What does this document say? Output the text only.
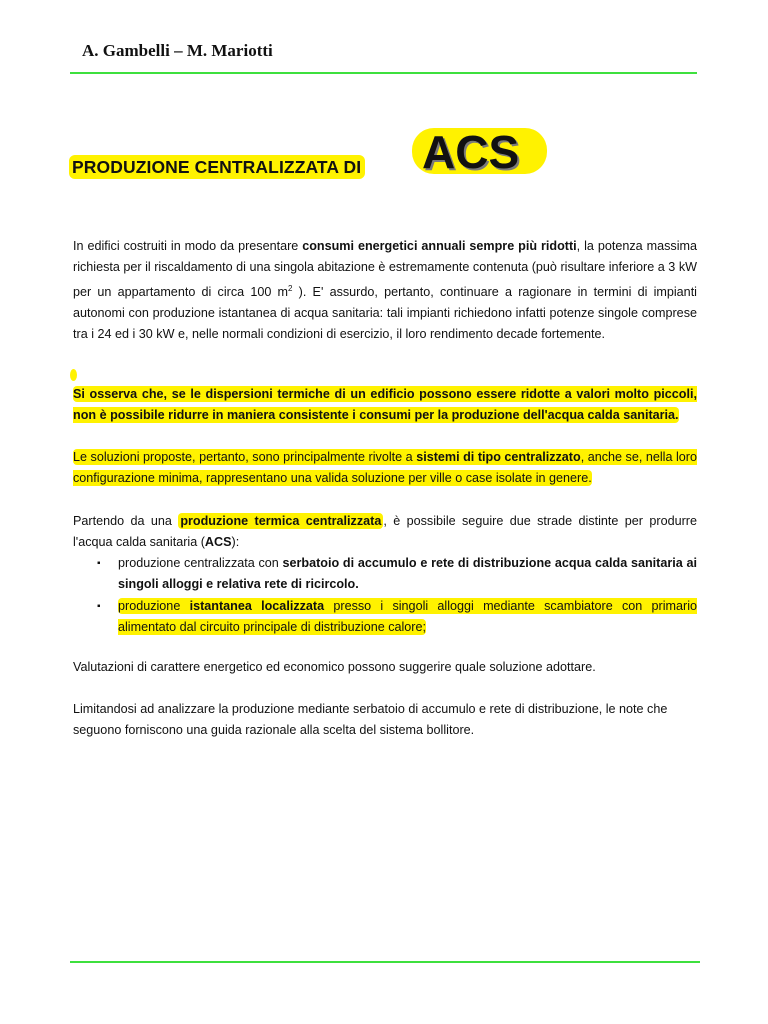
A. Gambelli – M. Mariotti
PRODUZIONE CENTRALIZZATA DI ACS
In edifici costruiti in modo da presentare consumi energetici annuali sempre più ridotti, la potenza massima richiesta per il riscaldamento di una singola abitazione è estremamente contenuta (può risultare inferiore a 3 kW per un appartamento di circa 100 $m^2$ ). E' assurdo, pertanto, continuare a ragionare in termini di impianti autonomi con produzione istantanea di acqua sanitaria: tali impianti richiedono infatti potenze singole comprese tra i 24 ed i 30 kW e, nelle normali condizioni di esercizio, il loro rendimento decade fortemente.
Si osserva che, se le dispersioni termiche di un edificio possono essere ridotte a valori molto piccoli, non è possibile ridurre in maniera consistente i consumi per la produzione dell'acqua calda sanitaria.
Le soluzioni proposte, pertanto, sono principalmente rivolte a sistemi di tipo centralizzato, anche se, nella loro configurazione minima, rappresentano una valida soluzione per ville o case isolate in genere.
Partendo da una produzione termica centralizzata , è possibile seguire due strade distinte per produrre l'acqua calda sanitaria (ACS):
▪ produzione centralizzata con serbatoio di accumulo e rete di distribuzione acqua calda sanitaria ai singoli alloggi e relativa rete di ricircolo.
▪ produzione istantanea localizzata presso i singoli alloggi mediante scambiatore con primario alimentato dal circuito principale di distribuzione calore;
Valutazioni di carattere energetico ed economico possono suggerire quale soluzione adottare.
Limitandosi ad analizzare la produzione mediante serbatoio di accumulo e rete di distribuzione, le note che seguono forniscono una guida razionale alla scelta del sistema bollitore.
